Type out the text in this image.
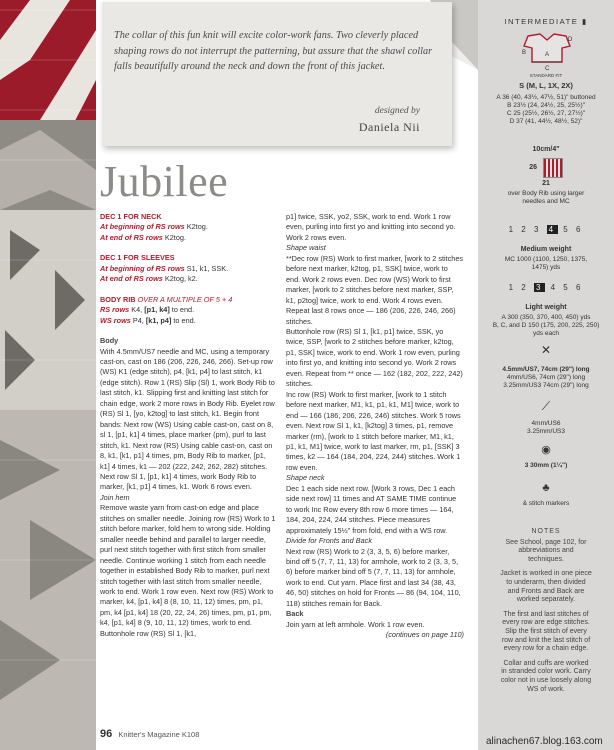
The collar of this fun knit will excite color-work fans. Two cleverly placed shaping rows do not interrupt the patterning, but assure that the shawl collar falls beautifully around the neck and down the front of this jacket.

designed by
Daniela Nii
Jubilee

DEC 1 FOR NECK

At beginning of RS rows K2tog.

At end of RS rows K2tog.

DEC 1 FOR SLEEVES

At beginning of RS rows S1, k1, SSK.

At end of RS rows K2tog, k2.

BODY RIB OVER A MULTIPLE OF 5 + 4

RS rows K4, [p1, k4] to end.

WS rows P4, [k1, p4] to end.

Body

With 4.5mm/US7 needle and MC, using a temporary cast-on, cast on 186 (206, 226, 246, 266). Set-up row (WS) K1 (edge stitch), p4, [k1, p4] to last stitch, k1 (edge stitch). Row 1 (RS) Slip (Sl) 1, work Body Rib to last stitch, k1. Slipping first and knitting last stitch for chain edge, work 2 more rows in Body Rib. Eyelet row (RS) Sl 1, [yo, k2tog] to last stitch, k1. Begin front bands: Next row (WS) Using cable cast-on, cast on 8, sl 1, [p1, k1] 4 times, place marker (pm), purl to last stitch, k1. Next row (RS) Using cable cast-on, cast on 8, k1, [k1, p1] 4 times, pm, Body Rib to marker, [p1, k1] 4 times, k1 — 202 (222, 242, 262, 282) stitches. Next row Sl 1, [p1, k1] 4 times, work Body Rib to marker, [k1, p1] 4 times, k1. Work 6 rows even.

Join hem

Remove waste yarn from cast-on edge and place stitches on smaller needle. Joining row (RS) Work to 1 stitch before marker, fold hem to wrong side. Holding smaller needle behind and parallel to larger needle, purl next stitch together with first stitch from smaller needle. Continue working 1 stitch from each needle together in established Body Rib to marker, purl next stitch together with last stitch from smaller needle, work to end. Work 1 row even. Next row (RS) Work to marker, k4, [p1, k4] 8 (8, 10, 11, 12) times, pm, p1, pm, k4 [p1, k4] 18 (20, 22, 24, 26) times, pm, p1, pm, k4, [p1, k4] 8 (9, 10, 11, 12) times, work to end. Buttonhole row (RS) Sl 1, [k1,

p1] twice, SSK, yo2, SSK, work to end. Work 1 row even, purling into first yo and knitting into second yo. Work 2 rows even.

Shape waist

**Dec row (RS) Work to first marker, [work to 2 stitches before next marker, k2tog, p1, SSK] twice, work to end. Work 2 rows even. Dec row (WS) Work to first marker, [work to 2 stitches before next marker, SSP, k1, p2tog] twice, work to end. Work 4 rows even. Repeat last 8 rows once — 186 (206, 226, 246, 266) stitches.

Buttonhole row (RS) Sl 1, [k1, p1] twice, SSK, yo twice, SSP, [work to 2 stitches before marker, k2tog, p1, SSK] twice, work to end. Work 1 row even, purling into first yo, and knitting into second yo. Work 2 rows even. Repeat from ** once — 162 (182, 202, 222, 242) stitches.

Inc row (RS) Work to first marker, [work to 1 stitch before next marker, M1, k1, p1, k1, M1] twice, work to end — 166 (186, 206, 226, 246) stitches. Work 5 rows even. Next row Sl 1, k1, [k2tog] 3 times, p1, remove marker (rm), [work to 1 stitch before marker, M1, k1, p1, k1, M1] twice, work to last marker, rm, p1, [SSK] 3 times, k2 — 164 (184, 204, 224, 244) stitches. Work 1 row even.

Shape neck

Dec 1 each side next row. [Work 3 rows, Dec 1 each side next row] 11 times and AT SAME TIME continue to work Inc Row every 8th row 6 more times — 164, 184, 204, 224, 244 stitches. Piece measures approximately 15½" from fold, end with a WS row.

Divide for Fronts and Back

Next row (RS) Work to 2 (3, 3, 5, 6) before marker, bind off 5 (7, 7, 11, 13) for armhole, work to 2 (3, 3, 5, 6) before marker bind off 5 (7, 7, 11, 13) for armhole, work to end. Cut yarn. Place first and last 34 (38, 43, 46, 50) stitches on hold for Fronts — 86 (94, 104, 110, 118) stitches remain for Back.

Back

Join yarn at left armhole. Work 1 row even.

(continues on page 110)

96 Knitter's Magazine K108
INTERMEDIATE ▮
B	A
C
D
STANDARD FIT
S (M, L, 1X, 2X)
A 36 (40, 43½, 47½, 51)" buttoned
B 23½ (24, 24½, 25, 25½)"
C 25 (25½, 26½, 27, 27½)"
D 37 (41, 44½, 48½, 52)"
10cm/4"
26
21
over Body Rib using larger needles and MC
1 2 3 4 5 6
Medium weight
MC 1000 (1100, 1250, 1375, 1475) yds
1 2 3 4 5 6
Light weight
A 300 (350, 370, 400, 450) yds
B, C, and D 150 (175, 200, 225, 250) yds each
✕
4.5mm/US7, 74cm (29") long
4mm/US6, 74cm (29") long
3.25mm/US3 74cm (29") long
⟋
4mm/US6
3.25mm/US3
◉
3 30mm (1¼")
♣
& stitch markers

NOTES

See School, page 102, for abbreviations and techniques.

Jacket is worked in one piece to underarm, then divided and Fronts and Back are worked separately.

The first and last stitches of every row are edge stitches. Slip the first stitch of every row and knit the last stitch of every row for a chain edge.

Collar and cuffs are worked in stranded color work. Carry color not in use loosely along WS of work.

alinachen67.blog.163.com
